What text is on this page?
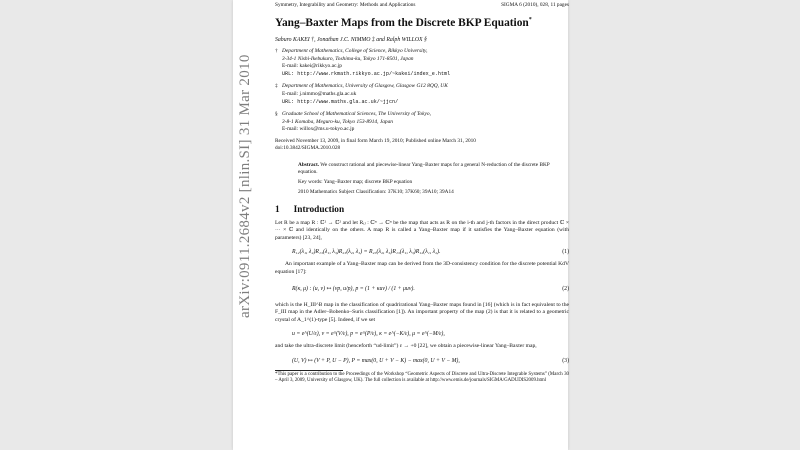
Symmetry, Integrability and Geometry: Methods and Applications	SIGMA 6 (2010), 028, 11 pages
Yang–Baxter Maps from the Discrete BKP Equation*
Saburo KAKEI †, Jonathan J.C. NIMMO ‡ and Ralph WILLOX §
† Department of Mathematics, College of Science, Rikkyo University,
3-34-1 Nishi-Ikebukuro, Toshima-ku, Tokyo 171-8501, Japan
E-mail: kakei@rikkyo.ac.jp
URL: http://www.rkmath.rikkyo.ac.jp/~kakei/index_e.html
‡ Department of Mathematics, University of Glasgow, Glasgow G12 8QQ, UK
E-mail: j.nimmo@maths.gla.ac.uk
URL: http://www.maths.gla.ac.uk/~jjcn/
§ Graduate School of Mathematical Sciences, The University of Tokyo,
3-8-1 Komaba, Meguro-ku, Tokyo 153-8914, Japan
E-mail: willox@ms.u-tokyo.ac.jp
Received November 13, 2009, in final form March 19, 2010; Published online March 31, 2010
doi:10.3842/SIGMA.2010.028

Abstract. We construct rational and piecewise-linear Yang–Baxter maps for a general N-reduction of the discrete BKP equation.

Key words: Yang–Baxter map; discrete BKP equation

2010 Mathematics Subject Classification: 37K10; 37K60; 39A10; 39A14

1 Introduction
Let R be a map R : ℂ² → ℂ² and let Rᵢⱼ : ℂⁿ → ℂⁿ be the map that acts as R on the i-th and j-th factors in the direct product ℂ × ··· × ℂ and identically on the others. A map R is called a Yang–Baxter map if it satisfies the Yang–Baxter equation (with parameters) [23, 24],
R₁₂(λ₁, λ₂)R₁₃(λ₁, λ₃)R₂₃(λ₂, λ₃) = R₂₃(λ₂, λ₃)R₁₃(λ₁, λ₃)R₁₂(λ₁, λ₂).	(1)
An important example of a Yang–Baxter map can be derived from the 3D-consistency condition for the discrete potential KdV equation [17]:
R(κ, μ) : (u, v) ↦ (vp, u/p), p = (1 + κuv) / (1 + μuv).	(2)
which is the H_III^B map in the classification of quadrirational Yang–Baxter maps found in [16] (which is in fact equivalent to the F_III map in the Adler–Bobenko–Suris classification [1]). An important property of the map (2) is that it is related to a geometric crystal of A_1^(1)-type [5]. Indeed, if we set
u = e^(U/ε), v = e^(V/ε), p = e^(P/ε), κ = e^(−K/ε), μ = e^(−M/ε),
and take the ultra-discrete limit (henceforth “ud-limit”) ε → +0 [22], we obtain a piecewise-linear Yang–Baxter map,
(U, V) ↦ (V + P, U − P), P = max(0, U + V − K) − max(0, U + V − M),	(3)
*This paper is a contribution to the Proceedings of the Workshop “Geometric Aspects of Discrete and Ultra-Discrete Integrable Systems” (March 30 – April 3, 2009, University of Glasgow, UK). The full collection is available at http://www.emis.de/journals/SIGMA/GADUDIS2009.html
arXiv:0911.2684v2 [nlin.SI] 31 Mar 2010
